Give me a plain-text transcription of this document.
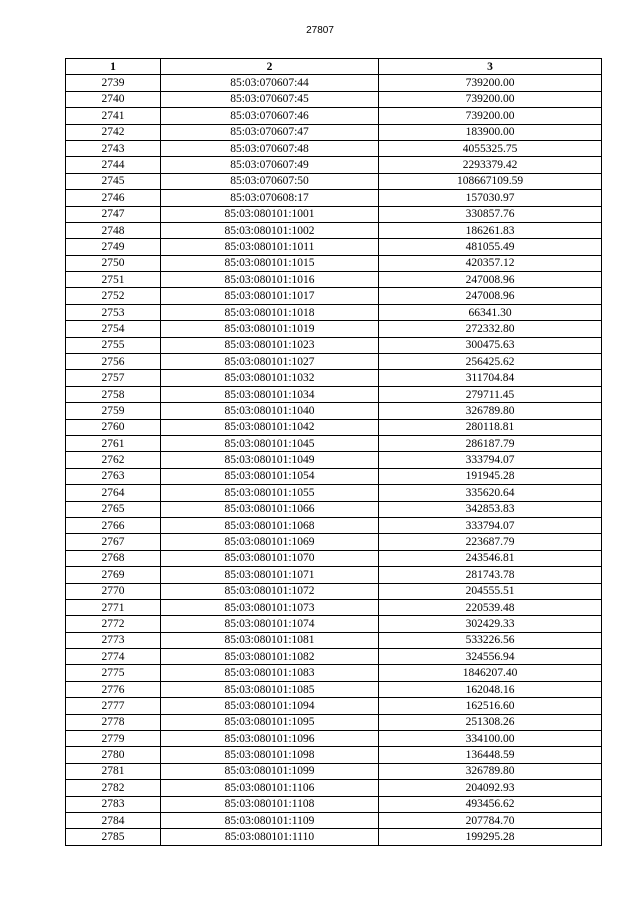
27807
1	2	3
2739	85:03:070607:44	739200.00
2740	85:03:070607:45	739200.00
2741	85:03:070607:46	739200.00
2742	85:03:070607:47	183900.00
2743	85:03:070607:48	4055325.75
2744	85:03:070607:49	2293379.42
2745	85:03:070607:50	108667109.59
2746	85:03:070608:17	157030.97
2747	85:03:080101:1001	330857.76
2748	85:03:080101:1002	186261.83
2749	85:03:080101:1011	481055.49
2750	85:03:080101:1015	420357.12
2751	85:03:080101:1016	247008.96
2752	85:03:080101:1017	247008.96
2753	85:03:080101:1018	66341.30
2754	85:03:080101:1019	272332.80
2755	85:03:080101:1023	300475.63
2756	85:03:080101:1027	256425.62
2757	85:03:080101:1032	311704.84
2758	85:03:080101:1034	279711.45
2759	85:03:080101:1040	326789.80
2760	85:03:080101:1042	280118.81
2761	85:03:080101:1045	286187.79
2762	85:03:080101:1049	333794.07
2763	85:03:080101:1054	191945.28
2764	85:03:080101:1055	335620.64
2765	85:03:080101:1066	342853.83
2766	85:03:080101:1068	333794.07
2767	85:03:080101:1069	223687.79
2768	85:03:080101:1070	243546.81
2769	85:03:080101:1071	281743.78
2770	85:03:080101:1072	204555.51
2771	85:03:080101:1073	220539.48
2772	85:03:080101:1074	302429.33
2773	85:03:080101:1081	533226.56
2774	85:03:080101:1082	324556.94
2775	85:03:080101:1083	1846207.40
2776	85:03:080101:1085	162048.16
2777	85:03:080101:1094	162516.60
2778	85:03:080101:1095	251308.26
2779	85:03:080101:1096	334100.00
2780	85:03:080101:1098	136448.59
2781	85:03:080101:1099	326789.80
2782	85:03:080101:1106	204092.93
2783	85:03:080101:1108	493456.62
2784	85:03:080101:1109	207784.70
2785	85:03:080101:1110	199295.28
